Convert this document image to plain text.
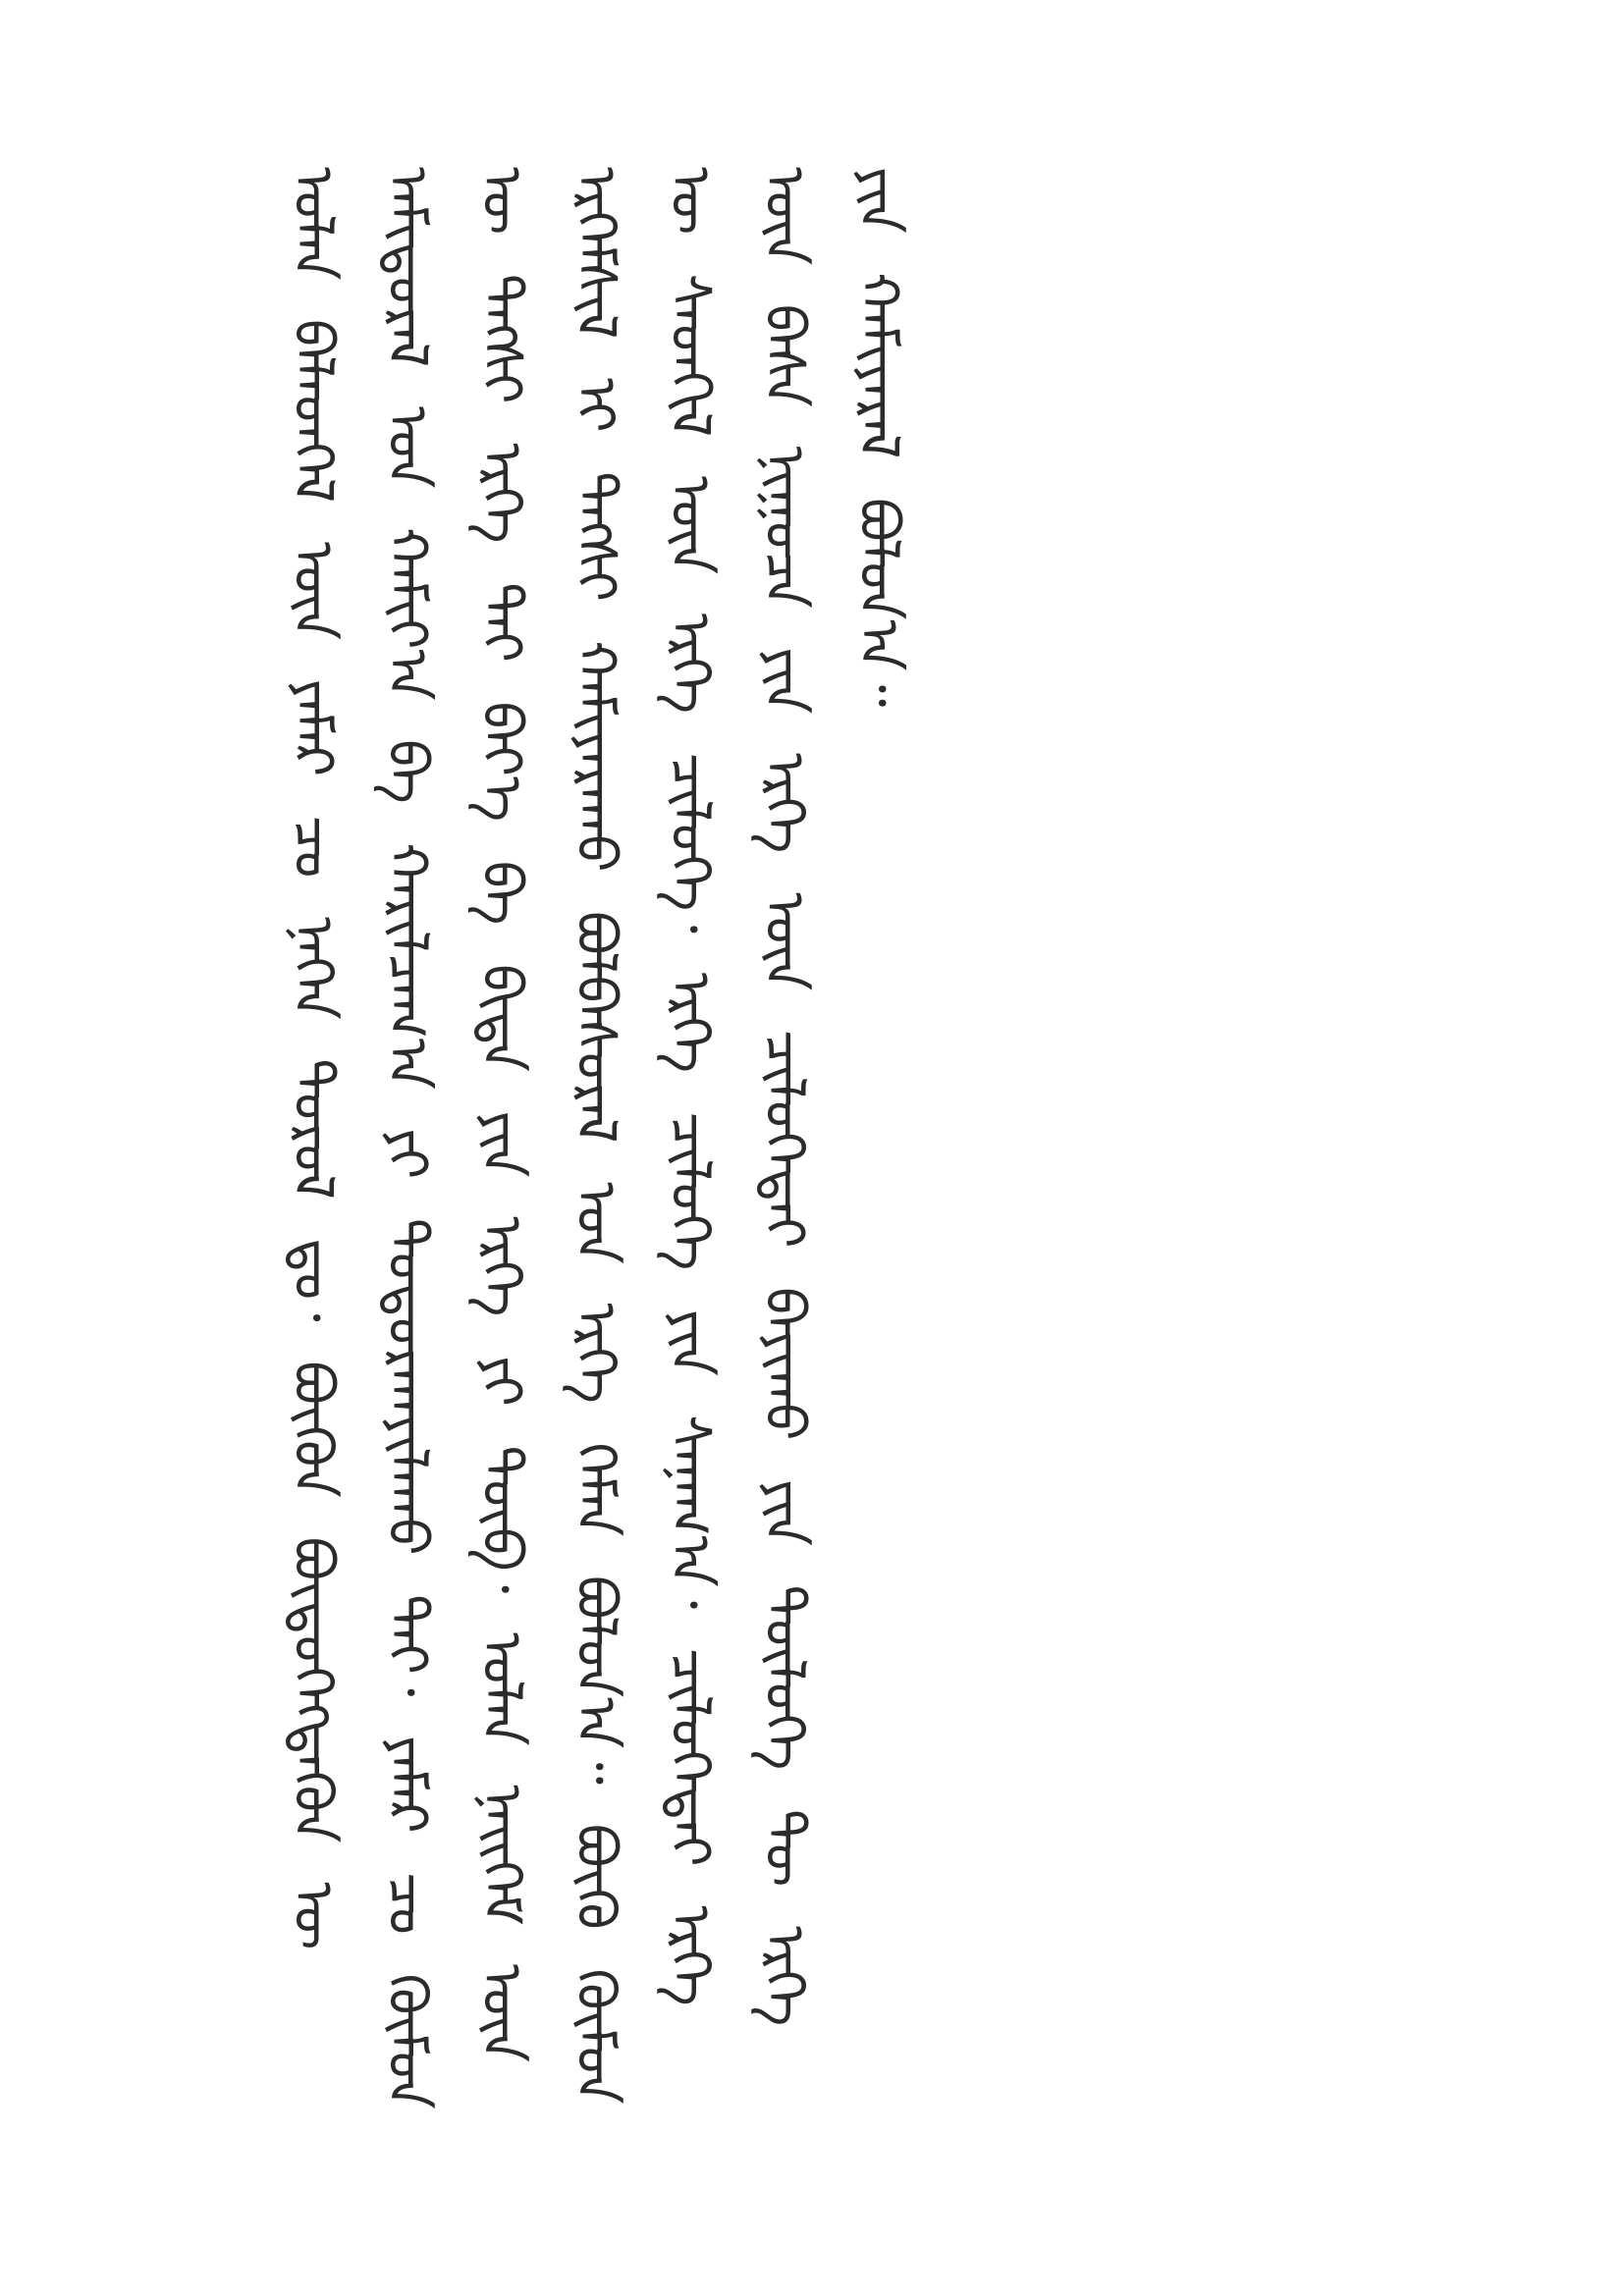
ᠤᠯᠠᠨ ᠪᠡᠯᠡᠳᠬᠡᠯ ᠦᠨ ᠶᠠᠮᠠᠷ ᠴᠤ ᠨᠡᠭᠡᠨ ᠲᠤᠷᠤᠯ ᠳᠤ᠂ ᠪᠦᠬᠦᠨ ᠪᠦᠲᠦᠭᠡᠭᠳᠡᠬᠦᠨ ᠦ ᠠᠮᠢᠳᠤᠷᠠᠯ ᠤᠨ ᠬᠠᠮᠢᠶ᠎ᠠ ᠪᠠ ᠬᠠᠷᠢᠯᠴᠠᠭ᠎ᠠ ᠶᠢ ᠲᠣᠳᠤᠷᠬᠠᠶᠢᠯᠠᠬᠤ ᠲᠠᠢ᠂ ᠶᠠᠮᠠᠷ ᠴᠤ ᠬᠦᠮᠦᠨ ᠦ ᠲᠡᠭᠰᠢ ᠡᠷᠬᠡ ᠲᠡᠢ ᠪᠡᠶ᠎ᠡ ᠪᠠ ᠪᠢᠳᠡ ᠶᠢᠨ ᠡᠷᠬᠡ ᠶᠢ ᠲᠥᠪ᠂ ᠤᠯᠠᠨ ᠨᠡᠢᠭᠡᠮ ᠦᠨ ᠡᠷᠭᠡᠮᠰᠢᠯ ᠢ ᠲᠡᠭᠰᠢ ᠬᠠᠮᠢᠶᠠᠷᠠᠬᠤ ᠪᠣᠯᠪᠠᠰᠤᠷᠠᠯ ᠤᠨ ᠡᠷᠬᠡ ᠬᠡᠮᠡᠨ ᠪᠣᠯᠤᠨ᠎ᠠ᠃ ᠪᠦᠬᠦ ᠬᠦᠮᠦᠨ ᠦ ᠰᠡᠳᠬᠢᠯ ᠦᠨ ᠡᠷᠬᠡ ᠴᠢᠯᠦᠭᠡ᠂ ᠡᠷᠬᠡ ᠴᠢᠯᠦᠭᠡ ᠶᠢᠨ ᠰᠠᠨᠠᠭ᠎ᠠ᠂ ᠴᠢᠯᠦᠭᠡᠲᠡᠢ ᠡᠷᠬᠡ ᠦᠨ ᠪᠠᠰᠠ ᠨᠢᠭᠤᠴᠠ ᠶᠢᠨ ᠡᠷᠬᠡ ᠦᠨ ᠴᠢᠯᠦᠭᠡᠲᠡᠢ ᠪᠠᠶᠢᠬᠤ ᠶᠢᠨ ᠲᠥᠯᠦᠭᠡ ᠲᠦ ᠡᠷᠬᠡ ᠶᠢᠨ ᠬᠠᠮᠢᠶᠠᠷᠠᠯ ᠪᠣᠯᠤᠨ᠎ᠠ᠃
